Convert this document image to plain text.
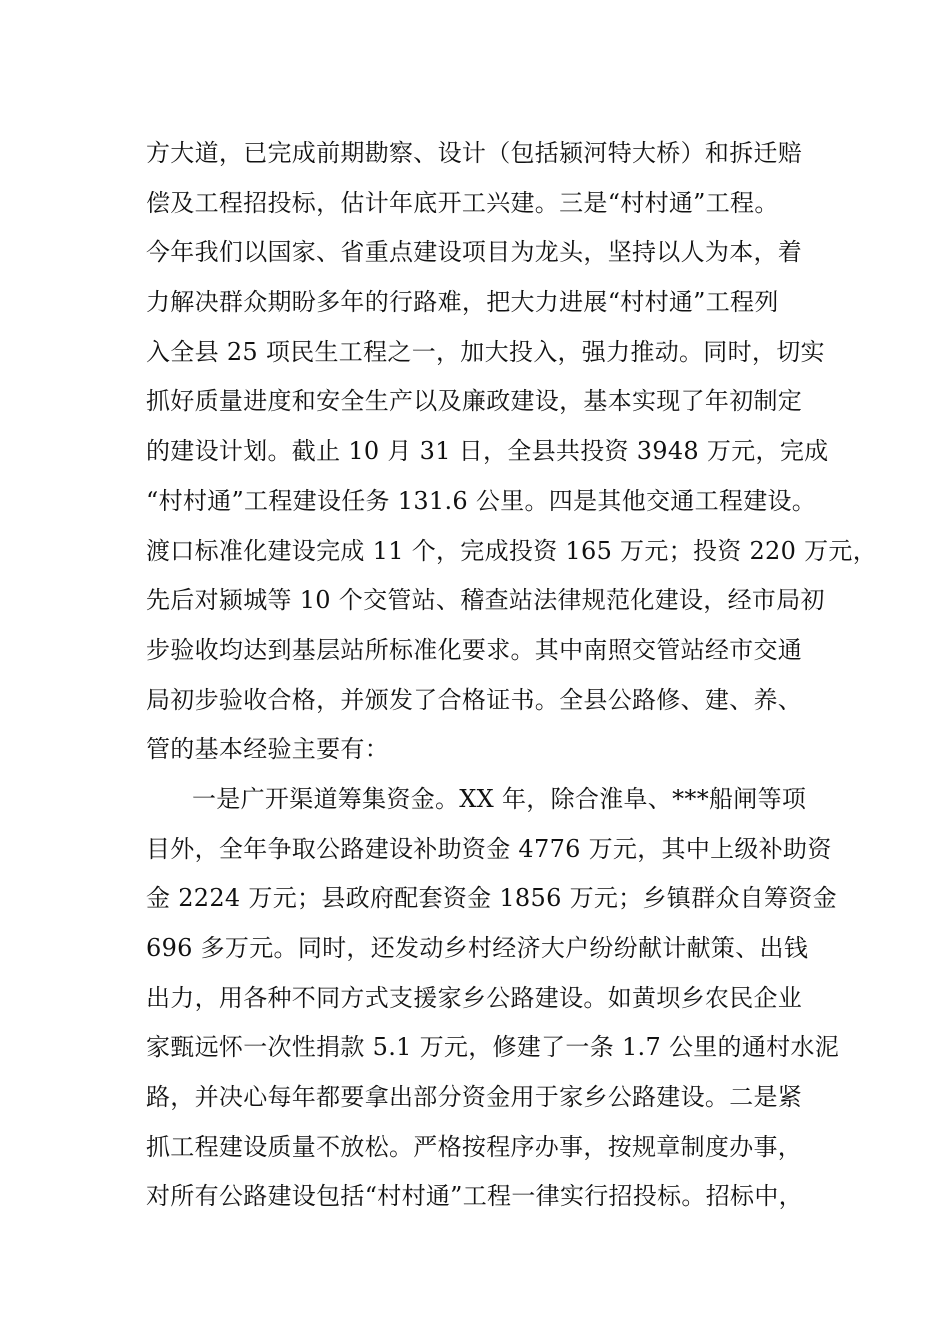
方大道，已完成前期勘察、设计（包括颍河特大桥）和拆迁赔
偿及工程招投标，估计年底开工兴建。三是“村村通”工程。
今年我们以国家、省重点建设项目为龙头，坚持以人为本，着
力解决群众期盼多年的行路难，把大力进展“村村通”工程列
入全县 25 项民生工程之一，加大投入，强力推动。同时，切实
抓好质量进度和安全生产以及廉政建设，基本实现了年初制定
的建设计划。截止 10 月 31 日，全县共投资 3948 万元，完成
“村村通”工程建设任务 131.6 公里。四是其他交通工程建设。
渡口标准化建设完成 11 个，完成投资 165 万元；投资 220 万元，
先后对颍城等 10 个交管站、稽查站法律规范化建设，经市局初
步验收均达到基层站所标准化要求。其中南照交管站经市交通
局初步验收合格，并颁发了合格证书。全县公路修、建、养、
管的基本经验主要有：
一是广开渠道筹集资金。XX 年，除合淮阜、***船闸等项
目外，全年争取公路建设补助资金 4776 万元，其中上级补助资
金 2224 万元；县政府配套资金 1856 万元；乡镇群众自筹资金
696 多万元。同时，还发动乡村经济大户纷纷献计献策、出钱
出力，用各种不同方式支援家乡公路建设。如黄坝乡农民企业
家甄远怀一次性捐款 5.1 万元，修建了一条 1.7 公里的通村水泥
路，并决心每年都要拿出部分资金用于家乡公路建设。二是紧
抓工程建设质量不放松。严格按程序办事，按规章制度办事，
对所有公路建设包括“村村通”工程一律实行招投标。招标中，
